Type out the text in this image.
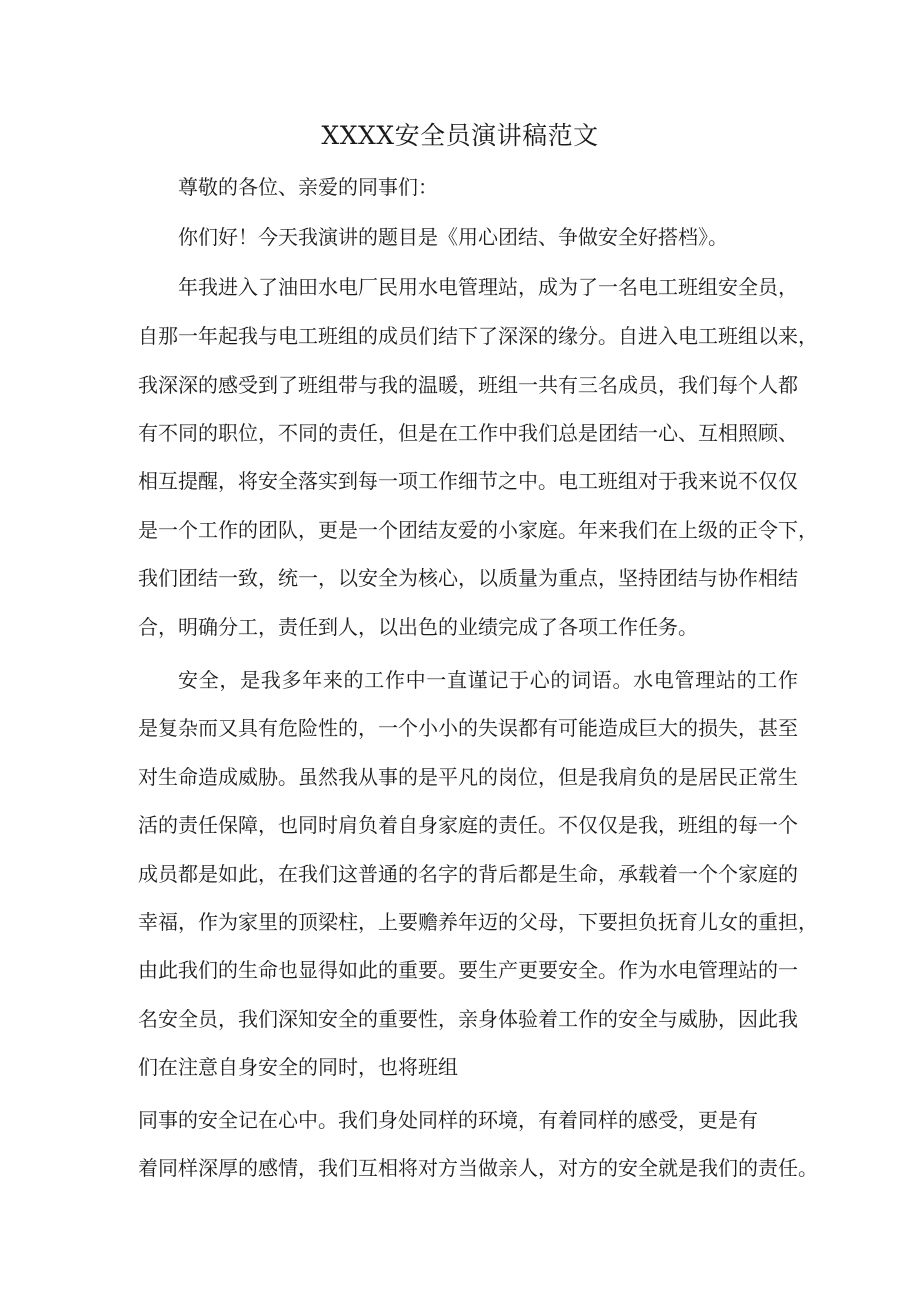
XXXX安全员演讲稿范文
尊敬的各位、亲爱的同事们：
你们好！今天我演讲的题目是《用心团结、争做安全好搭档》。
年我进入了油田水电厂民用水电管理站，成为了一名电工班组安全员，
自那一年起我与电工班组的成员们结下了深深的缘分。自进入电工班组以来，
我深深的感受到了班组带与我的温暖，班组一共有三名成员，我们每个人都
有不同的职位，不同的责任，但是在工作中我们总是团结一心、互相照顾、
相互提醒，将安全落实到每一项工作细节之中。电工班组对于我来说不仅仅
是一个工作的团队，更是一个团结友爱的小家庭。年来我们在上级的正令下，
我们团结一致，统一，以安全为核心，以质量为重点，坚持团结与协作相结
合，明确分工，责任到人，以出色的业绩完成了各项工作任务。
安全，是我多年来的工作中一直谨记于心的词语。水电管理站的工作
是复杂而又具有危险性的，一个小小的失误都有可能造成巨大的损失，甚至
对生命造成威胁。虽然我从事的是平凡的岗位，但是我肩负的是居民正常生
活的责任保障，也同时肩负着自身家庭的责任。不仅仅是我，班组的每一个
成员都是如此，在我们这普通的名字的背后都是生命，承载着一个个家庭的
幸福，作为家里的顶梁柱，上要赡养年迈的父母，下要担负抚育儿女的重担，
由此我们的生命也显得如此的重要。要生产更要安全。作为水电管理站的一
名安全员，我们深知安全的重要性，亲身体验着工作的安全与威胁，因此我
们在注意自身安全的同时，也将班组
同事的安全记在心中。我们身处同样的环境，有着同样的感受，更是有
着同样深厚的感情，我们互相将对方当做亲人，对方的安全就是我们的责任。
